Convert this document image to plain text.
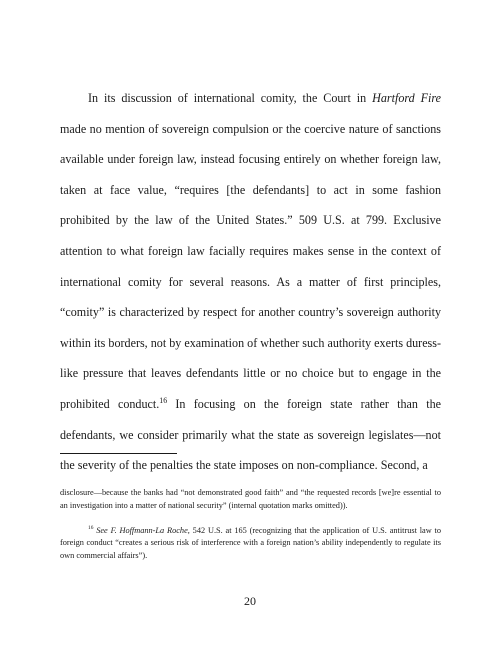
In its discussion of international comity, the Court in Hartford Fire made no mention of sovereign compulsion or the coercive nature of sanctions available under foreign law, instead focusing entirely on whether foreign law, taken at face value, “requires [the defendants] to act in some fashion prohibited by the law of the United States.” 509 U.S. at 799. Exclusive attention to what foreign law facially requires makes sense in the context of international comity for several reasons. As a matter of first principles, “comity” is characterized by respect for another country’s sovereign authority within its borders, not by examination of whether such authority exerts duress-like pressure that leaves defendants little or no choice but to engage in the prohibited conduct.$^{16}$ In focusing on the foreign state rather than the defendants, we consider primarily what the state as sovereign legislates—not the severity of the penalties the state imposes on non-compliance. Second, a

disclosure—because the banks had “not demonstrated good faith” and “the requested records [we]re essential to an investigation into a matter of national security” (internal quotation marks omitted)).

$^{16}$ See F. Hoffmann-La Roche, 542 U.S. at 165 (recognizing that the application of U.S. antitrust law to foreign conduct “creates a serious risk of interference with a foreign nation’s ability independently to regulate its own commercial affairs”).

20
